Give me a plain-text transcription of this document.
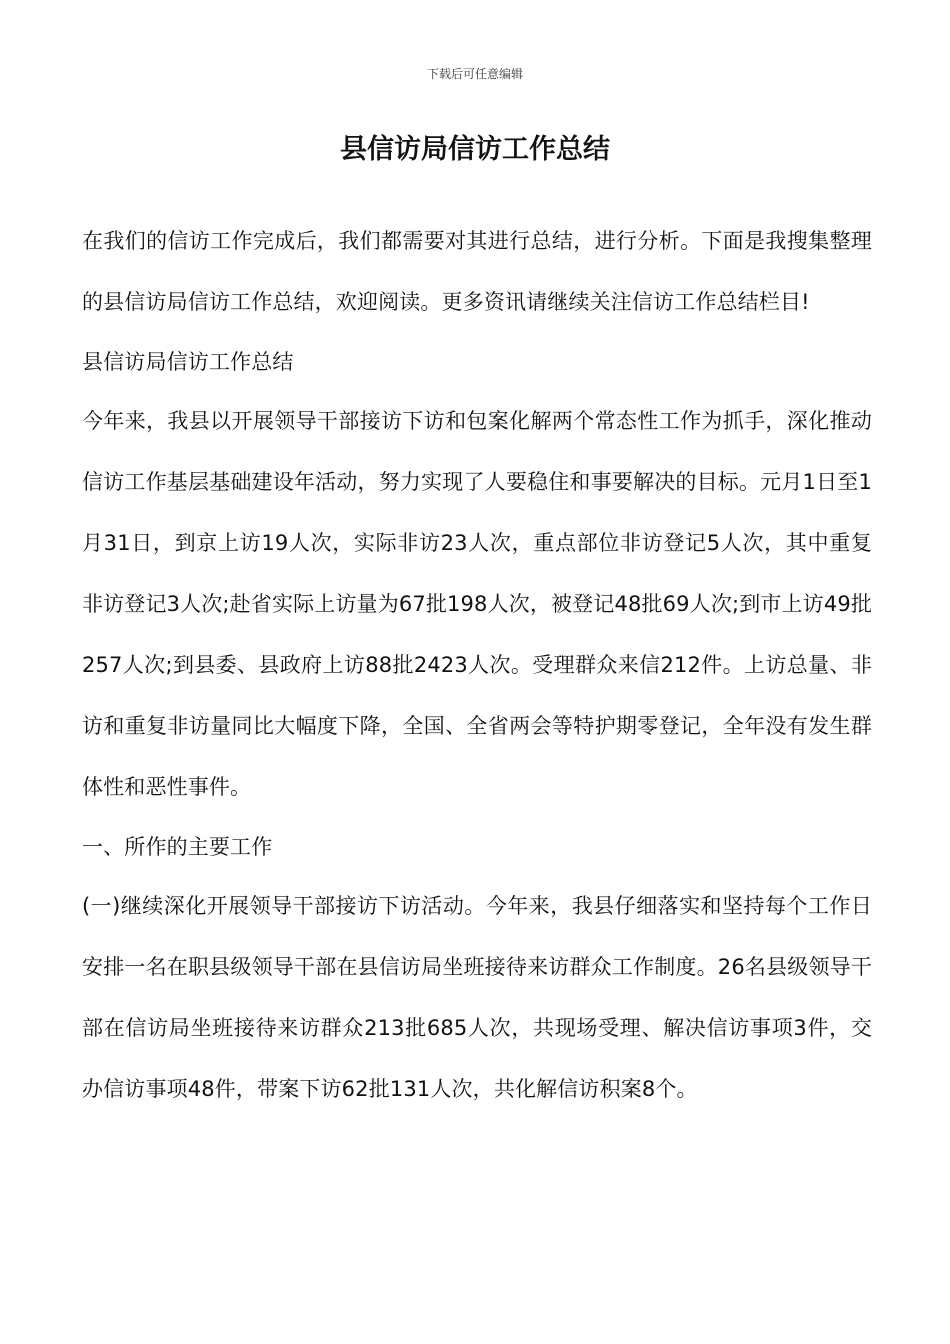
下载后可任意编辑
县信访局信访工作总结

在我们的信访工作完成后，我们都需要对其进行总结，进行分析。下面是我搜集整理的县信访局信访工作总结，欢迎阅读。更多资讯请继续关注信访工作总结栏目!

县信访局信访工作总结

今年来，我县以开展领导干部接访下访和包案化解两个常态性工作为抓手，深化推动信访工作基层基础建设年活动，努力实现了人要稳住和事要解决的目标。元月1日至1月31日，到京上访19人次，实际非访23人次，重点部位非访登记5人次，其中重复非访登记3人次;赴省实际上访量为67批198人次，被登记48批69人次;到市上访49批257人次;到县委、县政府上访88批2423人次。受理群众来信212件。上访总量、非访和重复非访量同比大幅度下降，全国、全省两会等特护期零登记，全年没有发生群体性和恶性事件。

一、所作的主要工作

(一)继续深化开展领导干部接访下访活动。今年来，我县仔细落实和坚持每个工作日安排一名在职县级领导干部在县信访局坐班接待来访群众工作制度。26名县级领导干部在信访局坐班接待来访群众213批685人次，共现场受理、解决信访事项3件，交办信访事项48件，带案下访62批131人次，共化解信访积案8个。
